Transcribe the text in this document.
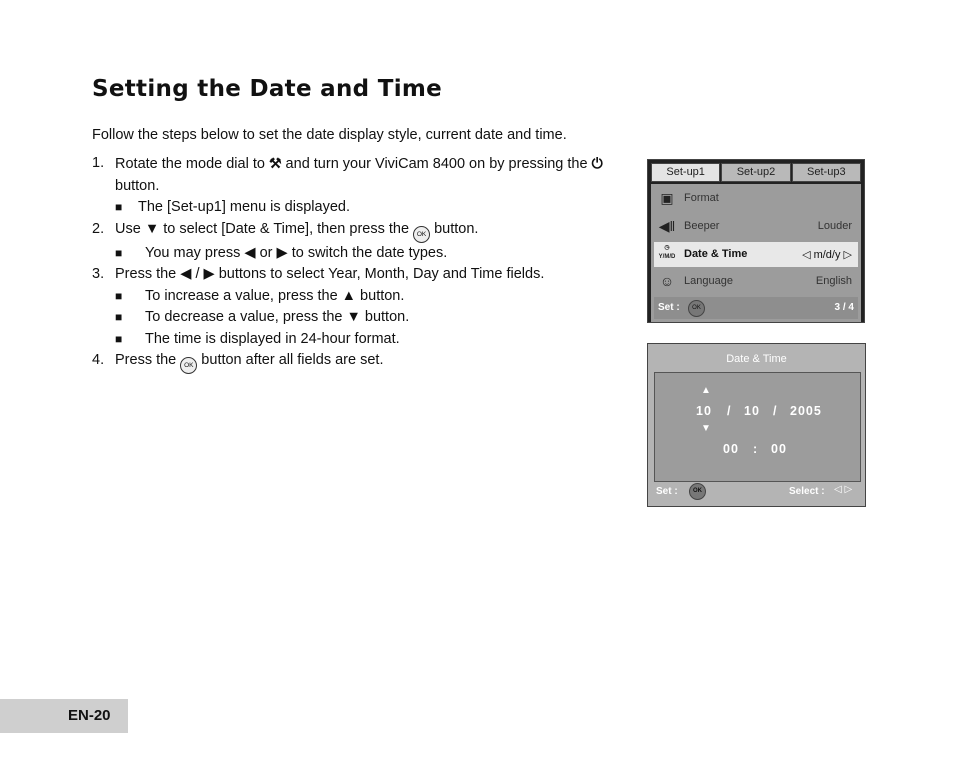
Setting the Date and Time

Follow the steps below to set the date display style, current date and time.

1. Rotate the mode dial to ⚒ and turn your ViviCam 8400 on by pressing the ⏻ button.
■ The [Set-up1] menu is displayed.
2. Use ▼ to select [Date & Time], then press the OK button.
■ You may press ◀ or ▶ to switch the date types.
3. Press the ◀ / ▶ buttons to select Year, Month, Day and Time fields.
■ To increase a value, press the ▲ button.
■ To decrease a value, press the ▼ button.
■ The time is displayed in 24-hour format.
4. Press the OK button after all fields are set.
Set-up1	Set-up2	Set-up3
▣ Format
◀ǁ Beeper	Louder
◷
Y/M/D Date & Time	◁ m/d/y ▷
☺ Language	English
Set :	OK	3 / 4
Date & Time
▲
10 / 10 / 2005
▼
00 : 00
Set :	OK	Select : ◁ ▷
EN-20
